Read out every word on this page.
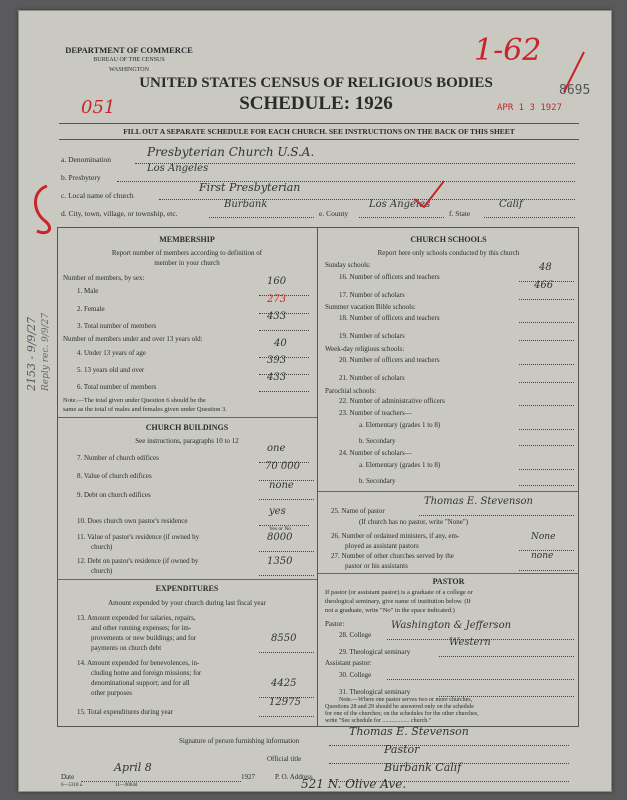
DEPARTMENT OF COMMERCE
BUREAU OF THE CENSUS
WASHINGTON
1-62
8695
APR 1 3 1927
UNITED STATES CENSUS OF RELIGIOUS BODIES
SCHEDULE: 1926
051
FILL OUT A SEPARATE SCHEDULE FOR EACH CHURCH. SEE INSTRUCTIONS ON THE BACK OF THIS SHEET
a. Denomination
Presbyterian Church U.S.A.
b. Presbytery
Los Angeles
c. Local name of church
First Presbyterian
d. City, town, village, or township, etc.
Burbank
e. County
Los Angeles
f. State
Calif
MEMBERSHIP
Report number of members according to definition of
member in your church
Number of members, by sex:
1. Male
160
2. Female
273
3. Total number of members
433
Number of members under and over 13 years old:
4. Under 13 years of age
40
5. 13 years old and over
393
6. Total number of members
433
Note.—The total given under Question 6 should be the
same as the total of males and females given under Question 3.
CHURCH BUILDINGS
See instructions, paragraphs 10 to 12
7. Number of church edifices
one
8. Value of church edifices
70 000
9. Debt on church edifices
none
10. Does church own pastor's residence
yes
Yes or No
11. Value of pastor's residence (if owned by
church)
8000
12. Debt on pastor's residence (if owned by
church)
1350
EXPENDITURES
Amount expended by your church during last fiscal year
13. Amount expended for salaries, repairs,
and other running expenses; for im-
provements or new buildings; and for
payments on church debt
8550
14. Amount expended for benevolences, in-
cluding home and foreign missions; for
denominational support; and for all
other purposes
4425
15. Total expenditures during year
12975
CHURCH SCHOOLS
Report here only schools conducted by this church
Sunday schools:
16. Number of officers and teachers
48
17. Number of scholars
466
Summer vacation Bible schools:
18. Number of officers and teachers
19. Number of scholars
Week-day religious schools:
20. Number of officers and teachers
21. Number of scholars
Parochial schools:
22. Number of administrative officers
23. Number of teachers—
a. Elementary (grades 1 to 8)
b. Secondary
24. Number of scholars—
a. Elementary (grades 1 to 8)
b. Secondary
25. Name of pastor
Thomas E. Stevenson
(If church has no pastor, write "None")
26. Number of ordained ministers, if any, em-
ployed as assistant pastors
None
27. Number of other churches served by the
pastor or his assistants
none
PASTOR
If pastor (or assistant pastor) is a graduate of a college or
theological seminary, give name of institution below. (If
not a graduate, write "No" in the space indicated.)
Pastor:
28. College
Washington & Jefferson
29. Theological seminary
Western
Assistant pastor:
30. College
31. Theological seminary
Note.—Where one pastor serves two or more churches,
Questions 28 and 29 should be answered only on the schedule
for one of the churches; on the schedules for the other churches,
write "See schedule for .................. church."
2153 - 9/9/27 Reply rec. 9/9/27
Signature of person furnishing information
Thomas E. Stevenson
Official title
Pastor
Date
April 8
1927
6—5318 a	11—9064d
P. O. Address
Burbank Calif
521 N. Olive Ave.
